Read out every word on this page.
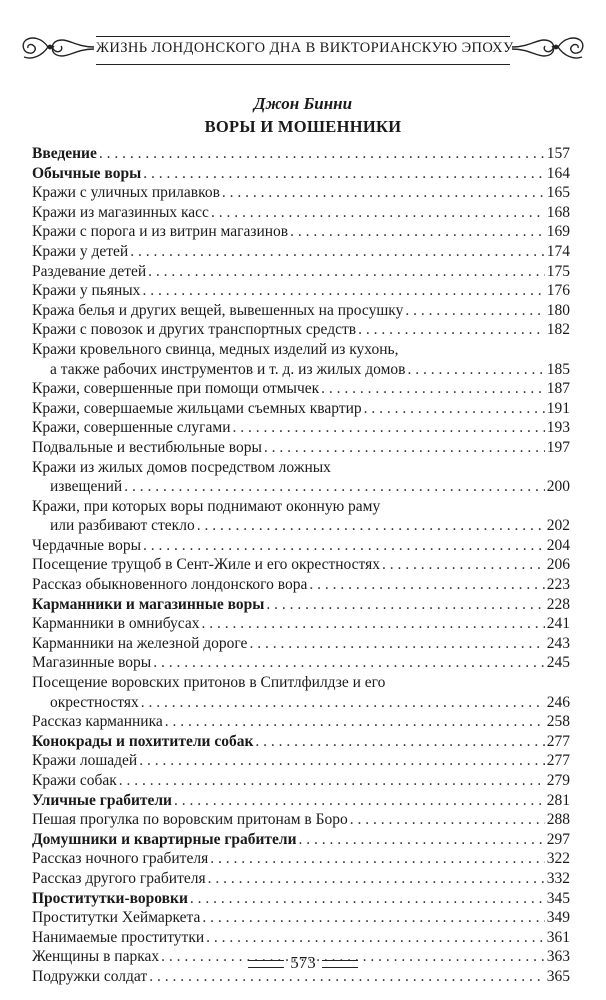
ЖИЗНЬ ЛОНДОНСКОГО ДНА В ВИКТОРИАНСКУЮ ЭПОХУ
Джон Бинни
ВОРЫ И МОШЕННИКИ
Введение . . .	157
Обычные воры . . .	164
Кражи с уличных прилавков . . .	165
Кражи из магазинных касс . . .	168
Кражи с порога и из витрин магазинов . . .	169
Кражи у детей . . .	174
Раздевание детей . . .	175
Кражи у пьяных . . .	176
Кража белья и других вещей, вывешенных на просушку . . .	180
Кражи с повозок и других транспортных средств . . .	182
Кражи кровельного свинца, медных изделий из кухонь,
а также рабочих инструментов и т. д. из жилых домов . . .	185
Кражи, совершенные при помощи отмычек . . .	187
Кражи, совершаемые жильцами съемных квартир . . .	191
Кражи, совершенные слугами . . .	193
Подвальные и вестибюльные воры . . .	197
Кражи из жилых домов посредством ложных
извещений . . .	200
Кражи, при которых воры поднимают оконную раму
или разбивают стекло . . .	202
Чердачные воры . . .	204
Посещение трущоб в Сент-Жиле и его окрестностях . . .	206
Рассказ обыкновенного лондонского вора . . .	223
Карманники и магазинные воры . . .	228
Карманники в омнибусах . . .	241
Карманники на железной дороге . . .	243
Магазинные воры . . .	245
Посещение воровских притонов в Спитлфилдзе и его
окрестностях . . .	246
Рассказ карманника . . .	258
Конокрады и похитители собак . . .	277
Кражи лошадей . . .	277
Кражи собак . . .	279
Уличные грабители . . .	281
Пешая прогулка по воровским притонам в Боро . . .	288
Домушники и квартирные грабители . . .	297
Рассказ ночного грабителя . . .	322
Рассказ другого грабителя . . .	332
Проститутки-воровки . . .	345
Проститутки Хеймаркета . . .	349
Нанимаемые проститутки . . .	361
Женщины в парках . . .	363
Подружки солдат . . .	365
573
